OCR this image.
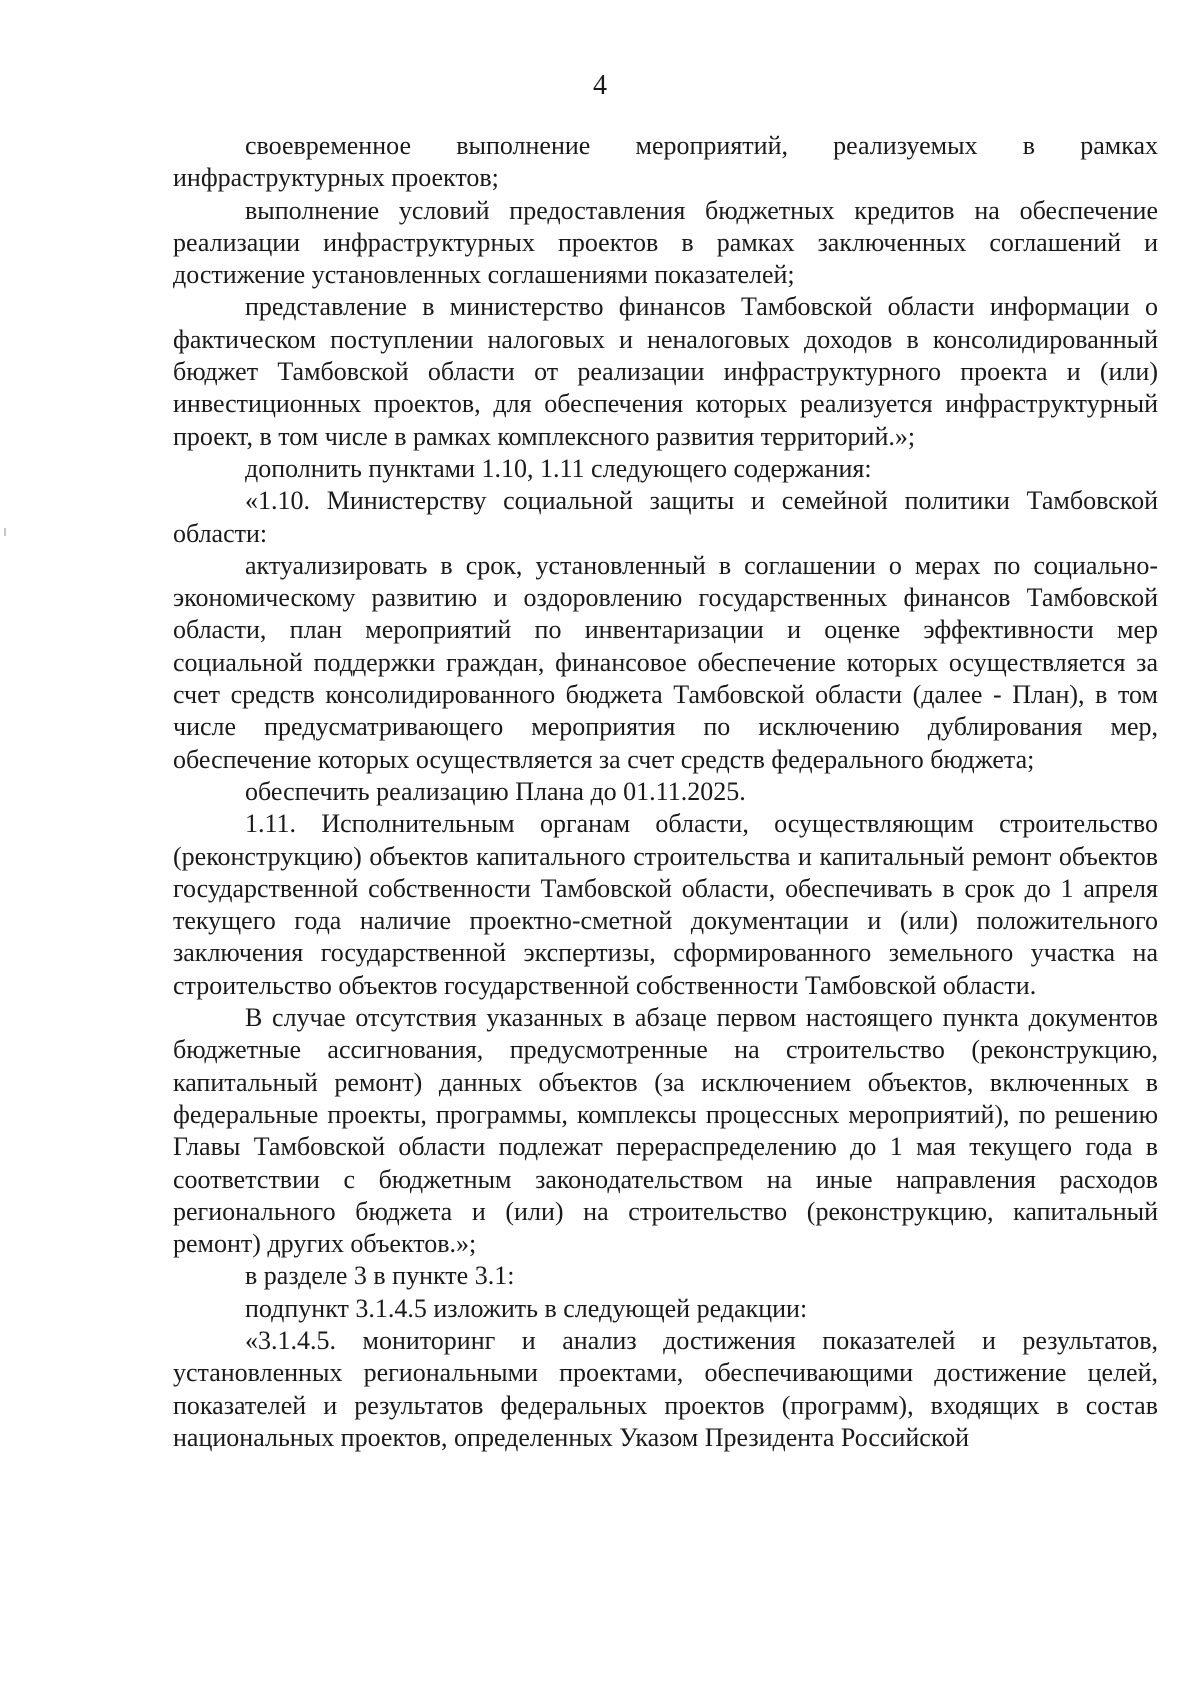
4

своевременное выполнение мероприятий, реализуемых в рамках инфраструктурных проектов;

выполнение условий предоставления бюджетных кредитов на обеспечение реализации инфраструктурных проектов в рамках заключенных соглашений и достижение установленных соглашениями показателей;

представление в министерство финансов Тамбовской области информации о фактическом поступлении налоговых и неналоговых доходов в консолидированный бюджет Тамбовской области от реализации инфраструктурного проекта и (или) инвестиционных проектов, для обеспечения которых реализуется инфраструктурный проект, в том числе в рамках комплексного развития территорий.»;

дополнить пунктами 1.10, 1.11 следующего содержания:

«1.10. Министерству социальной защиты и семейной политики Тамбовской области:

актуализировать в срок, установленный в соглашении о мерах по социально-экономическому развитию и оздоровлению государственных финансов Тамбовской области, план мероприятий по инвентаризации и оценке эффективности мер социальной поддержки граждан, финансовое обеспечение которых осуществляется за счет средств консолидированного бюджета Тамбовской области (далее - План), в том числе предусматривающего мероприятия по исключению дублирования мер, обеспечение которых осуществляется за счет средств федерального бюджета;

обеспечить реализацию Плана до 01.11.2025.

1.11. Исполнительным органам области, осуществляющим строительство (реконструкцию) объектов капитального строительства и капитальный ремонт объектов государственной собственности Тамбовской области, обеспечивать в срок до 1 апреля текущего года наличие проектно-сметной документации и (или) положительного заключения государственной экспертизы, сформированного земельного участка на строительство объектов государственной собственности Тамбовской области.

В случае отсутствия указанных в абзаце первом настоящего пункта документов бюджетные ассигнования, предусмотренные на строительство (реконструкцию, капитальный ремонт) данных объектов (за исключением объектов, включенных в федеральные проекты, программы, комплексы процессных мероприятий), по решению Главы Тамбовской области подлежат перераспределению до 1 мая текущего года в соответствии с бюджетным законодательством на иные направления расходов регионального бюджета и (или) на строительство (реконструкцию, капитальный ремонт) других объектов.»;

в разделе 3 в пункте 3.1:

подпункт 3.1.4.5 изложить в следующей редакции:

«3.1.4.5. мониторинг и анализ достижения показателей и результатов, установленных региональными проектами, обеспечивающими достижение целей, показателей и результатов федеральных проектов (программ), входящих в состав национальных проектов, определенных Указом Президента Российской
